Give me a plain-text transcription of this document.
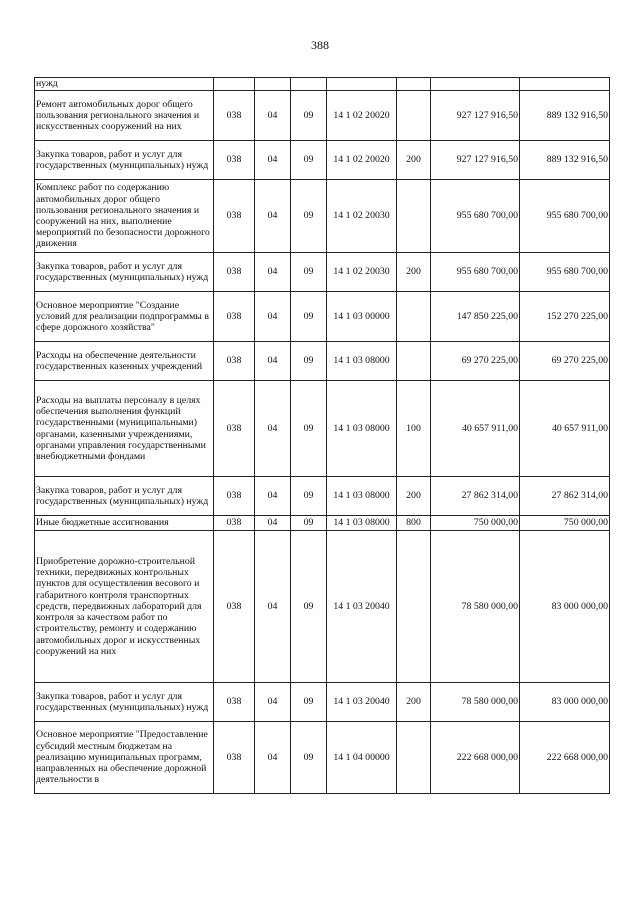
388
нужд							
Ремонт автомобильных дорог общего пользования регионального значения и искусственных сооружений на них	038	04	09	14 1 02 20020		927 127 916,50	889 132 916,50
Закупка товаров, работ и услуг для государственных (муниципальных) нужд	038	04	09	14 1 02 20020	200	927 127 916,50	889 132 916,50
Комплекс работ по содержанию автомобильных дорог общего пользования регионального значения и сооружений на них, выполнение мероприятий по безопасности дорожного движения	038	04	09	14 1 02 20030		955 680 700,00	955 680 700,00
Закупка товаров, работ и услуг для государственных (муниципальных) нужд	038	04	09	14 1 02 20030	200	955 680 700,00	955 680 700,00
Основное мероприятие "Создание условий для реализации подпрограммы в сфере дорожного хозяйства"	038	04	09	14 1 03 00000		147 850 225,00	152 270 225,00
Расходы на обеспечение деятельности государственных казенных учреждений	038	04	09	14 1 03 08000		69 270 225,00	69 270 225,00
Расходы на выплаты персоналу в целях обеспечения выполнения функций государственными (муниципальными) органами, казенными учреждениями, органами управления государственными внебюджетными фондами	038	04	09	14 1 03 08000	100	40 657 911,00	40 657 911,00
Закупка товаров, работ и услуг для государственных (муниципальных) нужд	038	04	09	14 1 03 08000	200	27 862 314,00	27 862 314,00
Иные бюджетные ассигнования	038	04	09	14 1 03 08000	800	750 000,00	750 000,00
Приобретение дорожно-строительной техники, передвижных контрольных пунктов для осуществления весового и габаритного контроля транспортных средств, передвижных лабораторий для контроля за качеством работ по строительству, ремонту и содержанию автомобильных дорог и искусственных сооружений на них	038	04	09	14 1 03 20040		78 580 000,00	83 000 000,00
Закупка товаров, работ и услуг для государственных (муниципальных) нужд	038	04	09	14 1 03 20040	200	78 580 000,00	83 000 000,00
Основное мероприятие "Предоставление субсидий местным бюджетам на реализацию муниципальных программ, направленных на обеспечение дорожной деятельности в	038	04	09	14 1 04 00000		222 668 000,00	222 668 000,00
